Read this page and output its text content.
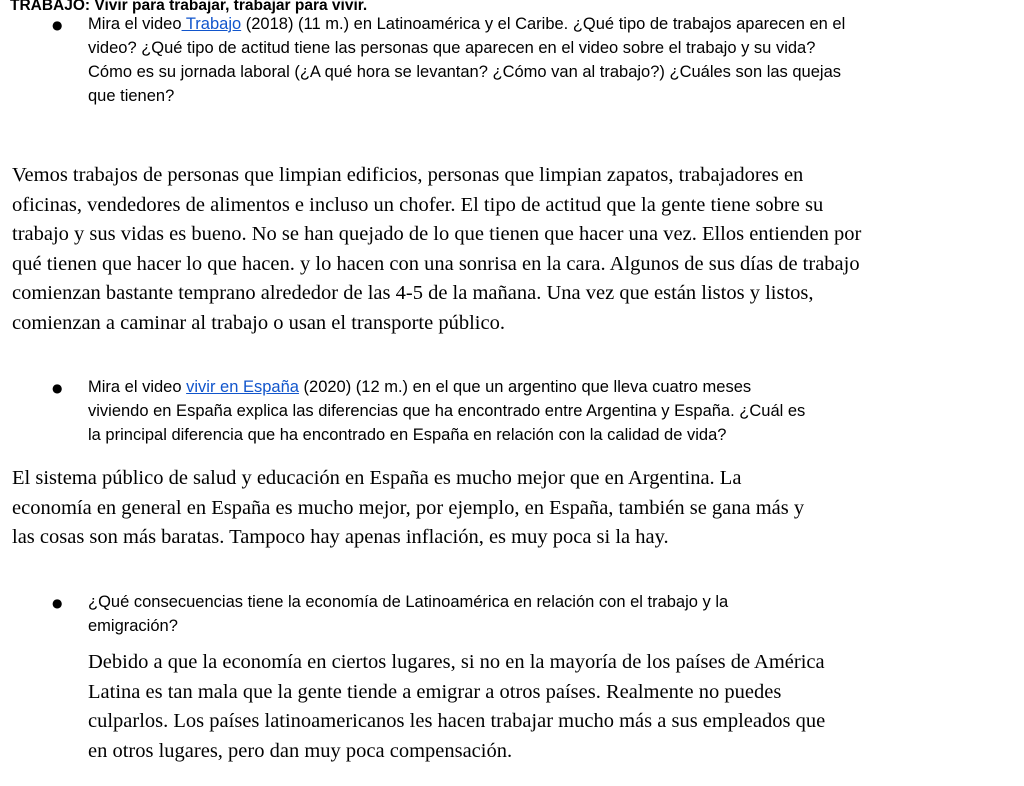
TRABAJO: Vivir para trabajar, trabajar para vivir.
● Mira el video Trabajo (2018) (11 m.) en Latinoamérica y el Caribe. ¿Qué tipo de trabajos aparecen en el
video? ¿Qué tipo de actitud tiene las personas que aparecen en el video sobre el trabajo y su vida?
Cómo es su jornada laboral (¿A qué hora se levantan? ¿Cómo van al trabajo?) ¿Cuáles son las quejas
que tienen?
Vemos trabajos de personas que limpian edificios, personas que limpian zapatos, trabajadores en
oficinas, vendedores de alimentos e incluso un chofer. El tipo de actitud que la gente tiene sobre su
trabajo y sus vidas es bueno. No se han quejado de lo que tienen que hacer una vez. Ellos entienden por
qué tienen que hacer lo que hacen. y lo hacen con una sonrisa en la cara. Algunos de sus días de trabajo
comienzan bastante temprano alrededor de las 4-5 de la mañana. Una vez que están listos y listos,
comienzan a caminar al trabajo o usan el transporte público.
● Mira el video vivir en España (2020) (12 m.) en el que un argentino que lleva cuatro meses
viviendo en España explica las diferencias que ha encontrado entre Argentina y España. ¿Cuál es
la principal diferencia que ha encontrado en España en relación con la calidad de vida?
El sistema público de salud y educación en España es mucho mejor que en Argentina. La
economía en general en España es mucho mejor, por ejemplo, en España, también se gana más y
las cosas son más baratas. Tampoco hay apenas inflación, es muy poca si la hay.
● ¿Qué consecuencias tiene la economía de Latinoamérica en relación con el trabajo y la
emigración?
Debido a que la economía en ciertos lugares, si no en la mayoría de los países de América
Latina es tan mala que la gente tiende a emigrar a otros países. Realmente no puedes
culparlos. Los países latinoamericanos les hacen trabajar mucho más a sus empleados que
en otros lugares, pero dan muy poca compensación.
